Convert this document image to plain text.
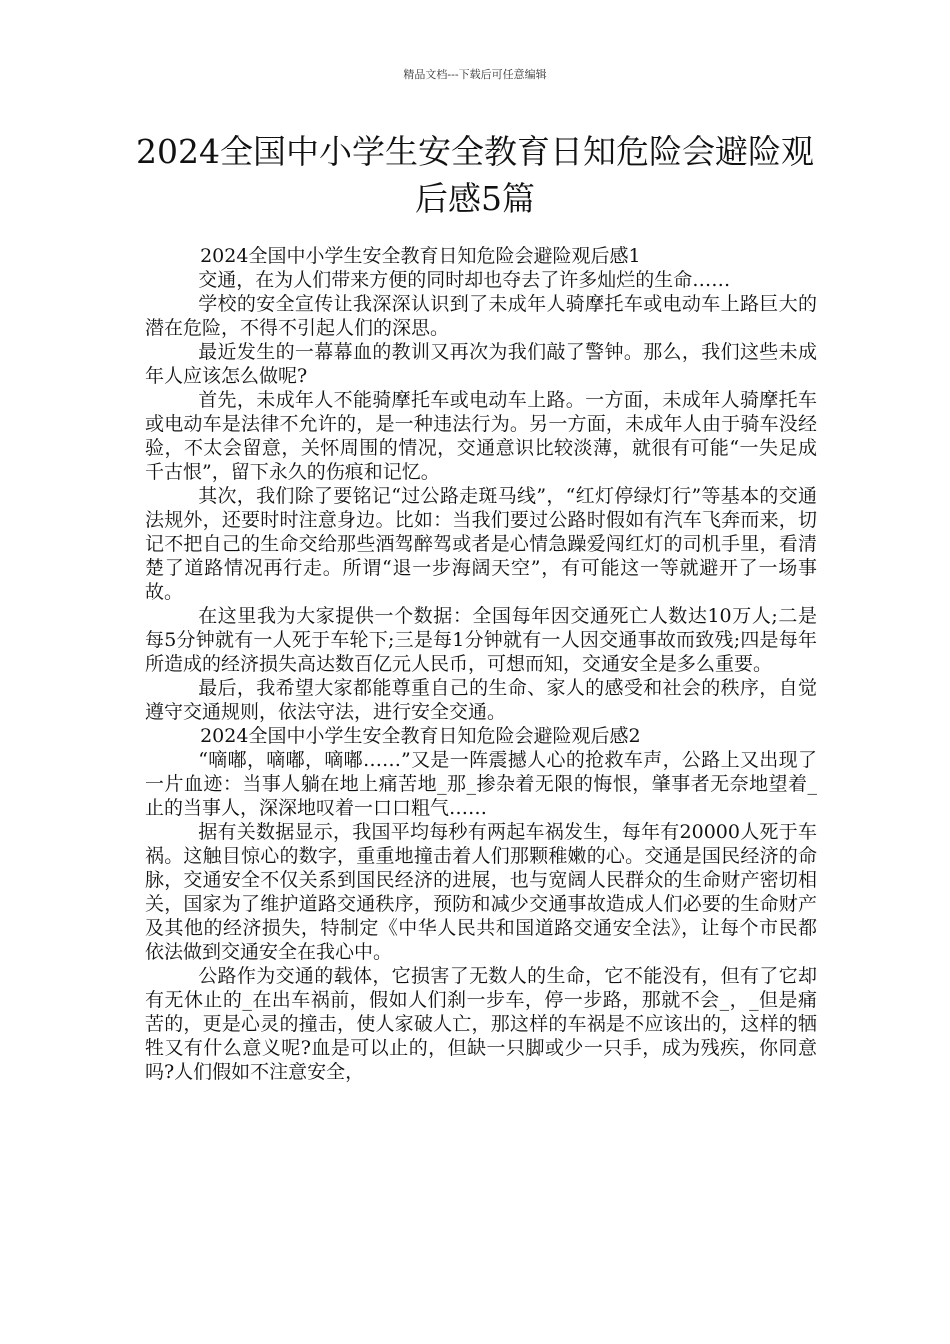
精品文档---下载后可任意编辑
2024全国中小学生安全教育日知危险会避险观后感5篇

2024全国中小学生安全教育日知危险会避险观后感1

交通，在为人们带来方便的同时却也夺去了许多灿烂的生命……

学校的安全宣传让我深深认识到了未成年人骑摩托车或电动车上路巨大的潜在危险，不得不引起人们的深思。

最近发生的一幕幕血的教训又再次为我们敲了警钟。那么，我们这些未成年人应该怎么做呢?

首先，未成年人不能骑摩托车或电动车上路。一方面，未成年人骑摩托车或电动车是法律不允许的，是一种违法行为。另一方面，未成年人由于骑车没经验，不太会留意，关怀周围的情况，交通意识比较淡薄，就很有可能“一失足成千古恨”，留下永久的伤痕和记忆。

其次，我们除了要铭记“过公路走斑马线”，“红灯停绿灯行”等基本的交通法规外，还要时时注意身边。比如：当我们要过公路时假如有汽车飞奔而来，切记不把自己的生命交给那些酒驾醉驾或者是心情急躁爱闯红灯的司机手里，看清楚了道路情况再行走。所谓“退一步海阔天空”，有可能这一等就避开了一场事故。

在这里我为大家提供一个数据：全国每年因交通死亡人数达10万人;二是每5分钟就有一人死于车轮下;三是每1分钟就有一人因交通事故而致残;四是每年所造成的经济损失高达数百亿元人民币，可想而知，交通安全是多么重要。

最后，我希望大家都能尊重自己的生命、家人的感受和社会的秩序，自觉遵守交通规则，依法守法，进行安全交通。

2024全国中小学生安全教育日知危险会避险观后感2

“嘀嘟，嘀嘟，嘀嘟……”又是一阵震撼人心的抢救车声，公路上又出现了一片血迹：当事人躺在地上痛苦地_那_掺杂着无限的悔恨，肇事者无奈地望着_止的当事人，深深地叹着一口口粗气……

据有关数据显示，我国平均每秒有两起车祸发生，每年有20000人死于车祸。这触目惊心的数字，重重地撞击着人们那颗稚嫩的心。交通是国民经济的命脉，交通安全不仅关系到国民经济的进展，也与宽阔人民群众的生命财产密切相关，国家为了维护道路交通秩序，预防和减少交通事故造成人们必要的生命财产及其他的经济损失，特制定《中华人民共和国道路交通安全法》，让每个市民都依法做到交通安全在我心中。

公路作为交通的载体，它损害了无数人的生命，它不能没有，但有了它却有无休止的_在出车祸前，假如人们刹一步车，停一步路，那就不会_，_但是痛苦的，更是心灵的撞击，使人家破人亡，那这样的车祸是不应该出的，这样的牺牲又有什么意义呢?血是可以止的，但缺一只脚或少一只手，成为残疾，你同意吗?人们假如不注意安全，
